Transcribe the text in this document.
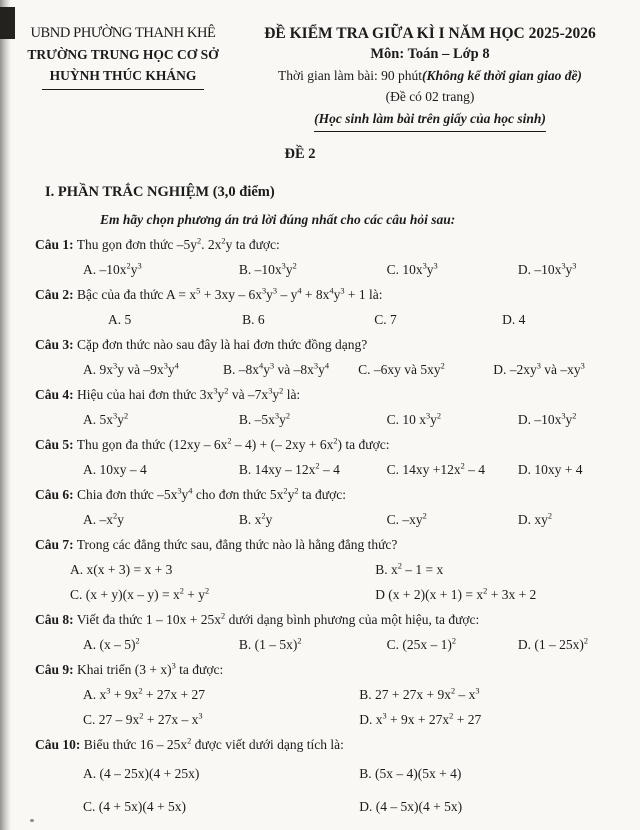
UBND PHƯỜNG THANH KHÊ
TRƯỜNG TRUNG HỌC CƠ SỞ
HUỲNH THÚC KHÁNG
ĐỀ KIỂM TRA GIỮA KÌ I NĂM HỌC 2025-2026
Môn: Toán – Lớp 8
Thời gian làm bài: 90 phút(Không kể thời gian giao đề)
(Đề có 02 trang)
(Học sinh làm bài trên giấy của học sinh)
ĐỀ 2
I. PHẦN TRẮC NGHIỆM (3,0 điểm)
Em hãy chọn phương án trả lời đúng nhất cho các câu hỏi sau:
Câu 1: Thu gọn đơn thức $-5y^2$. $2x^2y$ ta được:
A. $-10x^2y^3$	B. $-10x^3y^2$	C. $10x^3y^3$	D. $-10x^3y^3$
Câu 2: Bậc của đa thức $A = x^5 + 3xy - 6x^3y^3 - y^4 + 8x^4y^3 + 1$ là:
A. 5	B. 6	C. 7	D. 4
Câu 3: Cặp đơn thức nào sau đây là hai đơn thức đồng dạng?
A. $9x^3y$ và $-9x^3y^4$	B. $-8x^4y^3$ và $-8x^3y^4$	C. –6xy và $5xy^2$	D. $-2xy^3$ và $-xy^3$
Câu 4: Hiệu của hai đơn thức $3x^3y^2$ và $-7x^3y^2$ là:
A. $5x^3y^2$	B. $-5x^3y^2$	C. 10 $x^3y^2$	D. $-10x^3y^2$
Câu 5: Thu gọn đa thức $(12xy - 6x^2 - 4)$ + (– $2xy + 6x^2$) ta được:
A. 10xy – 4	B. $14xy - 12x^2 - 4$	C. $14xy +12x^2 - 4$	D. 10xy + 4
Câu 6: Chia đơn thức $-5x^3y^4$ cho đơn thức $5x^2y^2$ ta được:
A. $-x^2y$	B. $x^2y$	C. $-xy^2$	D. $xy^2$
Câu 7: Trong các đẳng thức sau, đẳng thức nào là hằng đẳng thức?
A. x(x + 3) = x + 3	B. $x^2 - 1 = x$
C. $(x + y)(x - y) = x^2 + y^2$	D $(x + 2)(x + 1) = x^2 + 3x + 2$
Câu 8: Viết đa thức $1 - 10x + 25x^2$ dưới dạng bình phương của một hiệu, ta được:
A. (x – 5)$^2$	B. (1 – 5x)$^2$	C. (25x – 1)$^2$	D. (1 – 25x)$^2$
Câu 9: Khai triển $(3 + x)^3$ ta được:
A. $x^3 + 9x^2 + 27x + 27$	B. $27 + 27x + 9x^2 - x^3$
C. $27 - 9x^2 + 27x - x^3$	D. $x^3 + 9x + 27x^2 + 27$
Câu 10: Biểu thức $16 - 25x^2$ được viết dưới dạng tích là:
A. (4 – 25x)(4 + 25x)	B. (5x – 4)(5x + 4)
C. (4 + 5x)(4 + 5x)	D. (4 – 5x)(4 + 5x)
